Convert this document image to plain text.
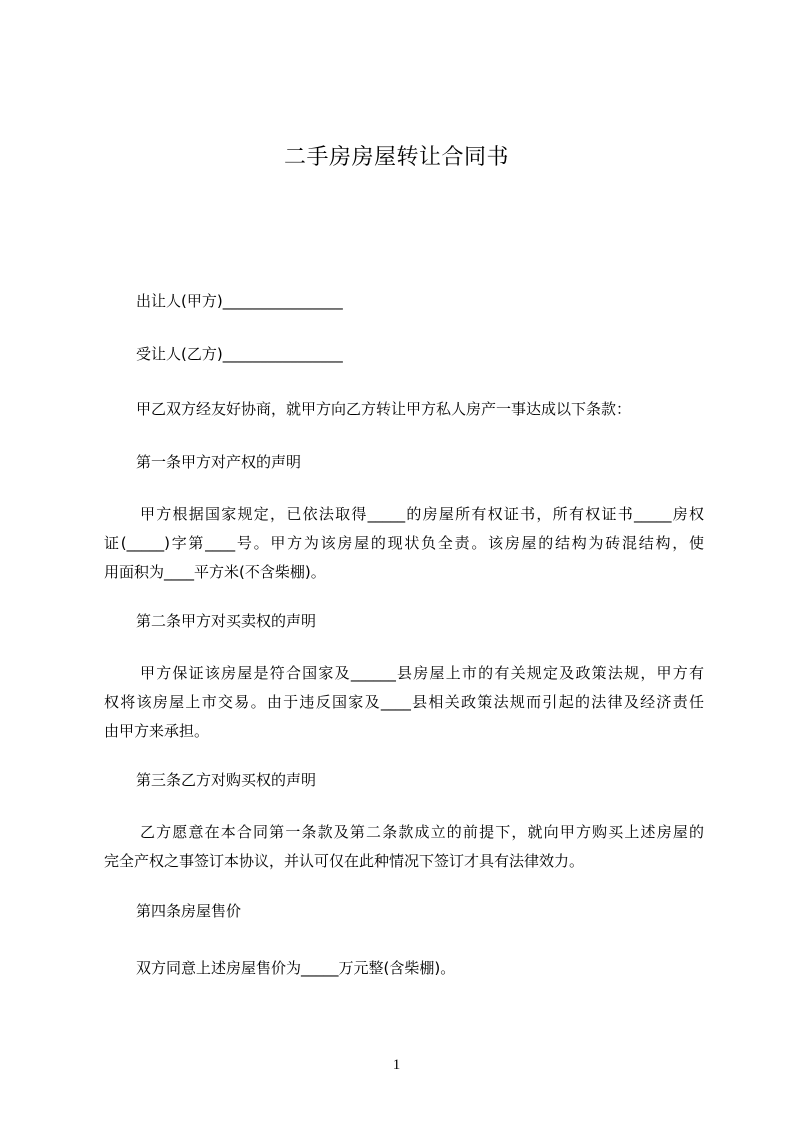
二手房房屋转让合同书
出让人(甲方)________________
受让人(乙方)________________
甲乙双方经友好协商，就甲方向乙方转让甲方私人房产一事达成以下条款：
第一条甲方对产权的声明
甲方根据国家规定，已依法取得_____的房屋所有权证书，所有权证书_____房权
证(_____)字第____号。甲方为该房屋的现状负全责。该房屋的结构为砖混结构，使
用面积为____平方米(不含柴棚)。
第二条甲方对买卖权的声明
甲方保证该房屋是符合国家及______县房屋上市的有关规定及政策法规，甲方有
权将该房屋上市交易。由于违反国家及____县相关政策法规而引起的法律及经济责任
由甲方来承担。
第三条乙方对购买权的声明
乙方愿意在本合同第一条款及第二条款成立的前提下，就向甲方购买上述房屋的
完全产权之事签订本协议，并认可仅在此种情况下签订才具有法律效力。
第四条房屋售价
双方同意上述房屋售价为_____万元整(含柴棚)。
1
